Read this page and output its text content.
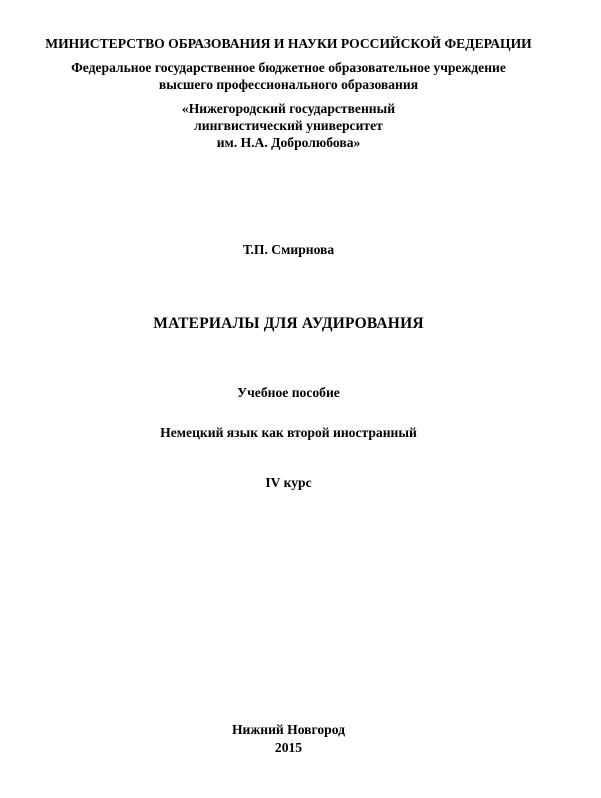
МИНИСТЕРСТВО ОБРАЗОВАНИЯ И НАУКИ РОССИЙСКОЙ ФЕДЕРАЦИИ
Федеральное государственное бюджетное образовательное учреждение
высшего профессионального образования
«Нижегородский государственный
лингвистический университет
им. Н.А. Добролюбова»
Т.П. Смирнова
МАТЕРИАЛЫ ДЛЯ АУДИРОВАНИЯ
Учебное пособие
Немецкий язык как второй иностранный
IV курс
Нижний Новгород
2015
